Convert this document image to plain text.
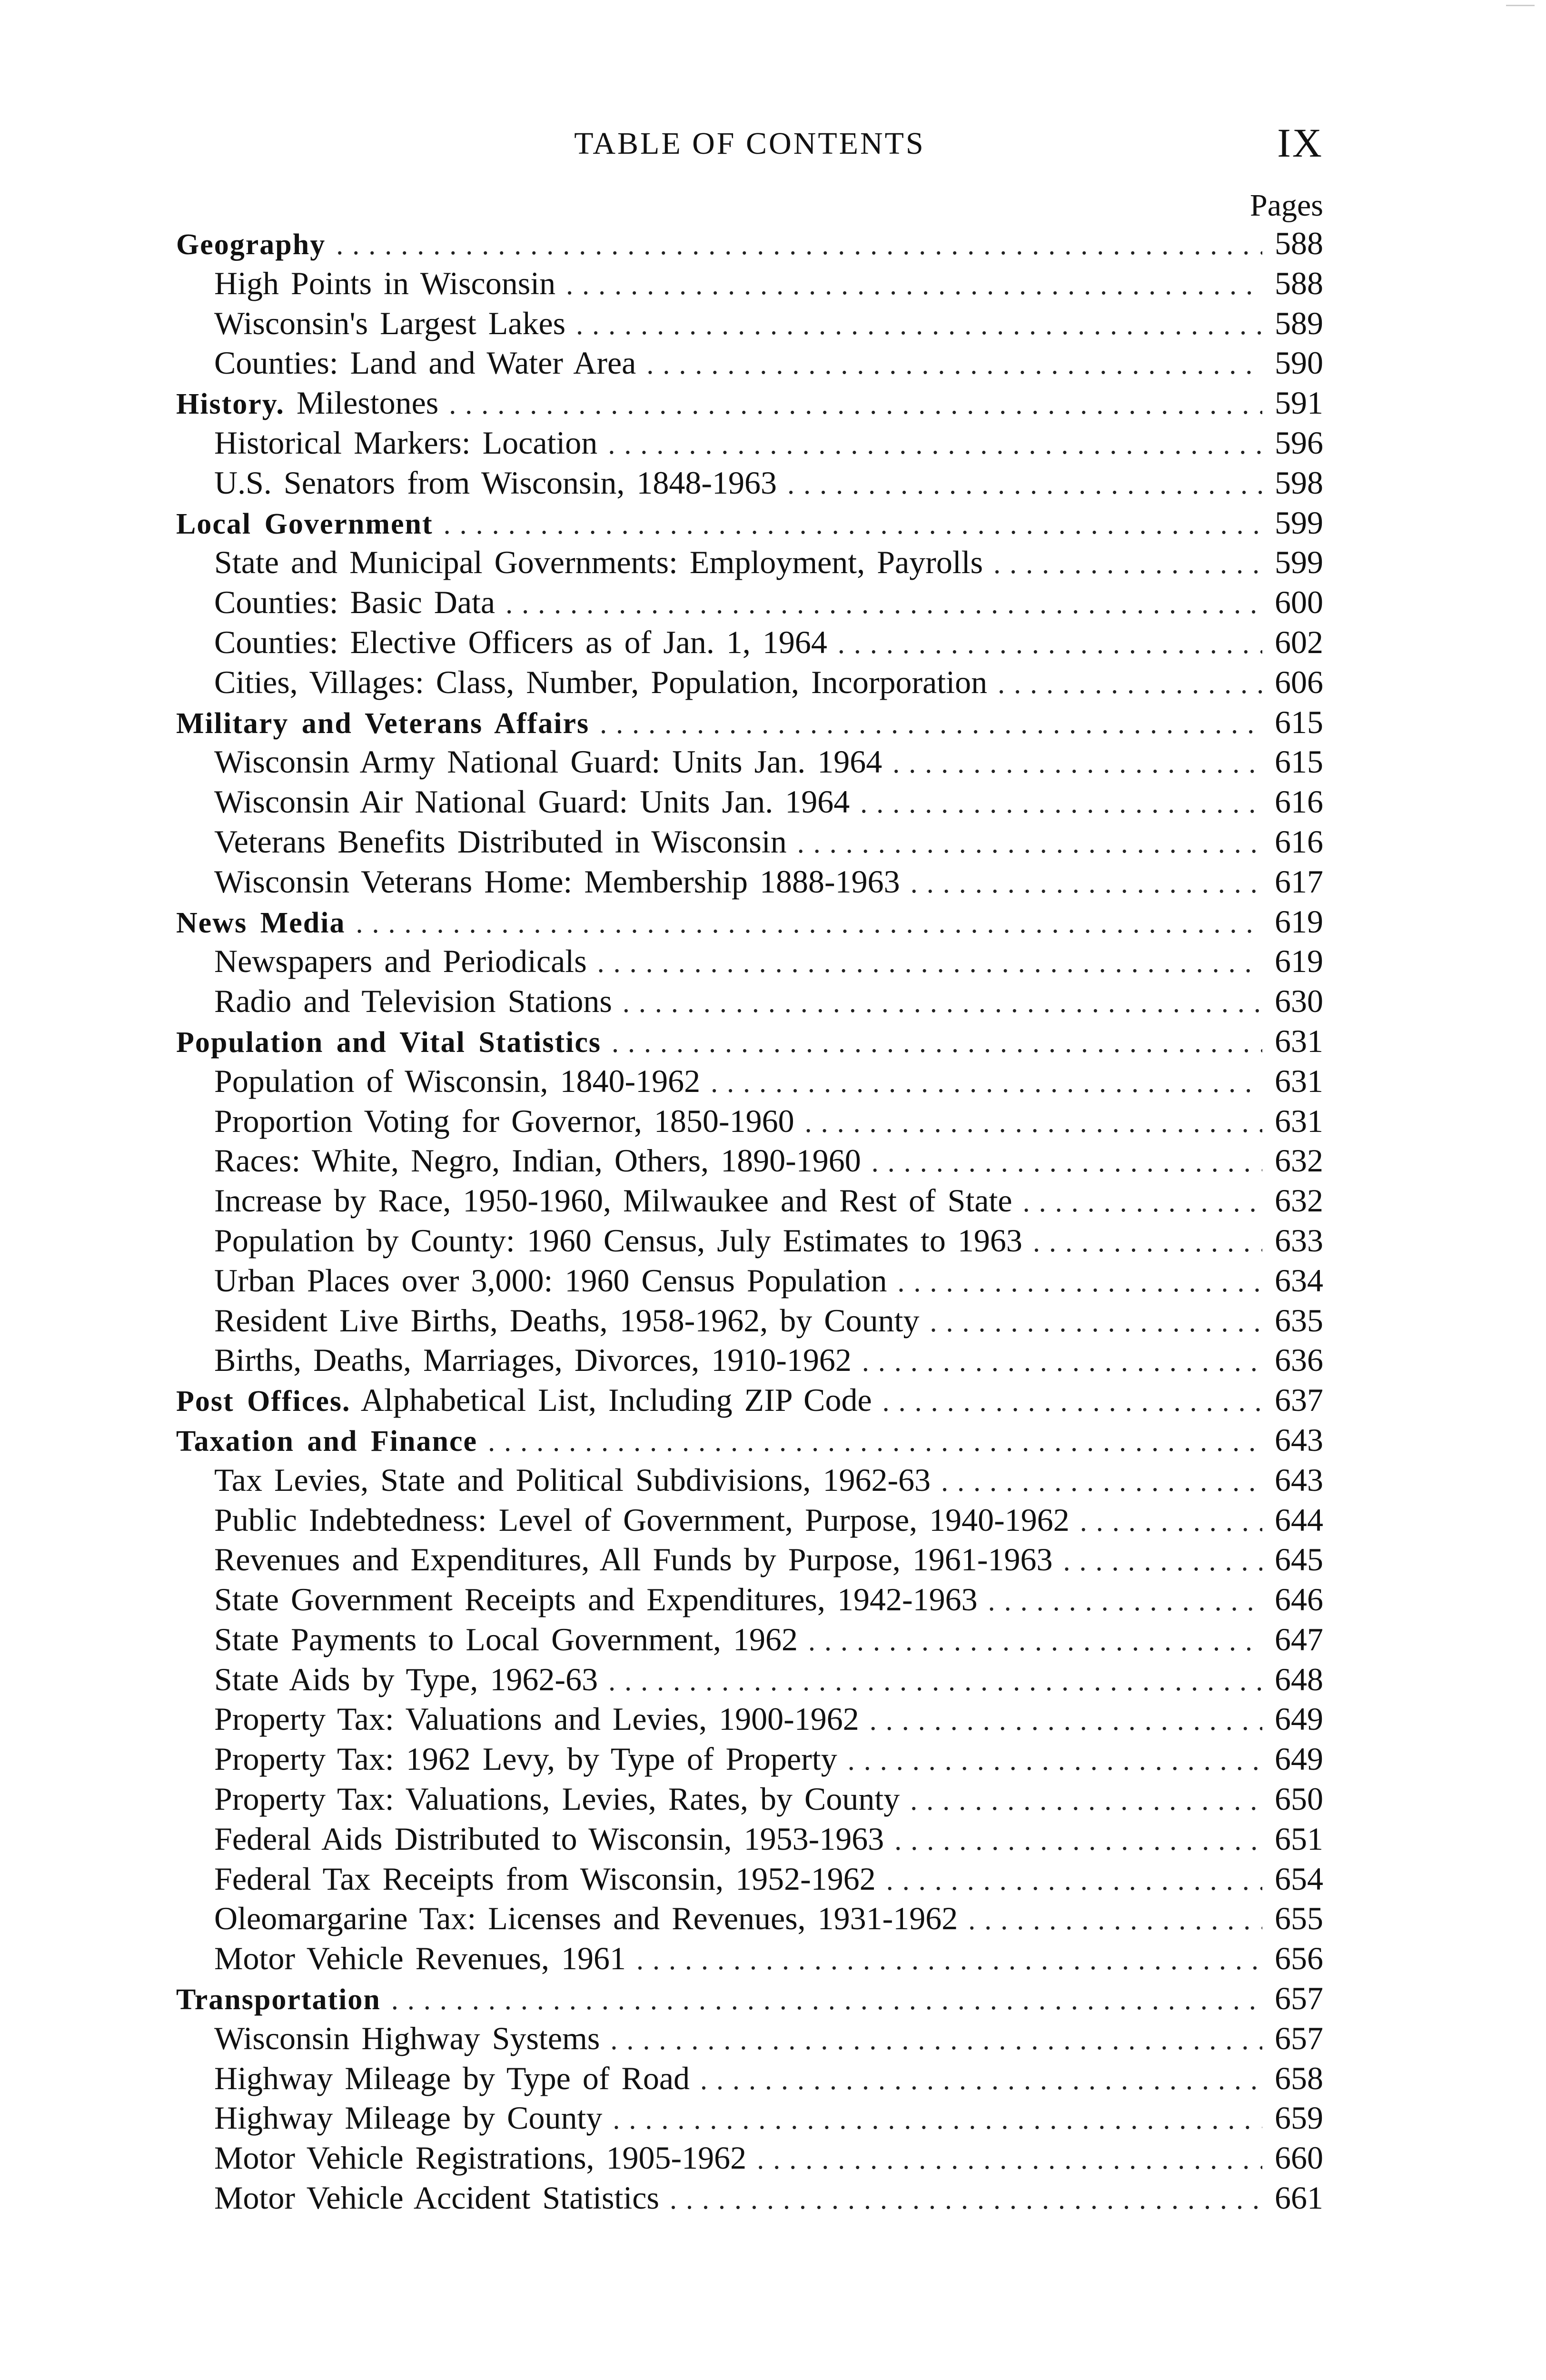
TABLE OF CONTENTS	IX
Pages
Geography . . .	588
High Points in Wisconsin . . .	588
Wisconsin's Largest Lakes . . .	589
Counties: Land and Water Area . . .	590
History. Milestones . . .	591
Historical Markers: Location . . .	596
U.S. Senators from Wisconsin, 1848-1963 . . .	598
Local Government . . .	599
State and Municipal Governments: Employment, Payrolls . . .	599
Counties: Basic Data . . .	600
Counties: Elective Officers as of Jan. 1, 1964 . . .	602
Cities, Villages: Class, Number, Population, Incorporation . . .	606
Military and Veterans Affairs . . .	615
Wisconsin Army National Guard: Units Jan. 1964 . . .	615
Wisconsin Air National Guard: Units Jan. 1964 . . .	616
Veterans Benefits Distributed in Wisconsin . . .	616
Wisconsin Veterans Home: Membership 1888-1963 . . .	617
News Media . . .	619
Newspapers and Periodicals . . .	619
Radio and Television Stations . . .	630
Population and Vital Statistics . . .	631
Population of Wisconsin, 1840-1962 . . .	631
Proportion Voting for Governor, 1850-1960 . . .	631
Races: White, Negro, Indian, Others, 1890-1960 . . .	632
Increase by Race, 1950-1960, Milwaukee and Rest of State . . .	632
Population by County: 1960 Census, July Estimates to 1963 . . .	633
Urban Places over 3,000: 1960 Census Population . . .	634
Resident Live Births, Deaths, 1958-1962, by County . . .	635
Births, Deaths, Marriages, Divorces, 1910-1962 . . .	636
Post Offices. Alphabetical List, Including ZIP Code . . .	637
Taxation and Finance . . .	643
Tax Levies, State and Political Subdivisions, 1962-63 . . .	643
Public Indebtedness: Level of Government, Purpose, 1940-1962 . . .	644
Revenues and Expenditures, All Funds by Purpose, 1961-1963 . . .	645
State Government Receipts and Expenditures, 1942-1963 . . .	646
State Payments to Local Government, 1962 . . .	647
State Aids by Type, 1962-63 . . .	648
Property Tax: Valuations and Levies, 1900-1962 . . .	649
Property Tax: 1962 Levy, by Type of Property . . .	649
Property Tax: Valuations, Levies, Rates, by County . . .	650
Federal Aids Distributed to Wisconsin, 1953-1963 . . .	651
Federal Tax Receipts from Wisconsin, 1952-1962 . . .	654
Oleomargarine Tax: Licenses and Revenues, 1931-1962 . . .	655
Motor Vehicle Revenues, 1961 . . .	656
Transportation . . .	657
Wisconsin Highway Systems . . .	657
Highway Mileage by Type of Road . . .	658
Highway Mileage by County . . .	659
Motor Vehicle Registrations, 1905-1962 . . .	660
Motor Vehicle Accident Statistics . . .	661
